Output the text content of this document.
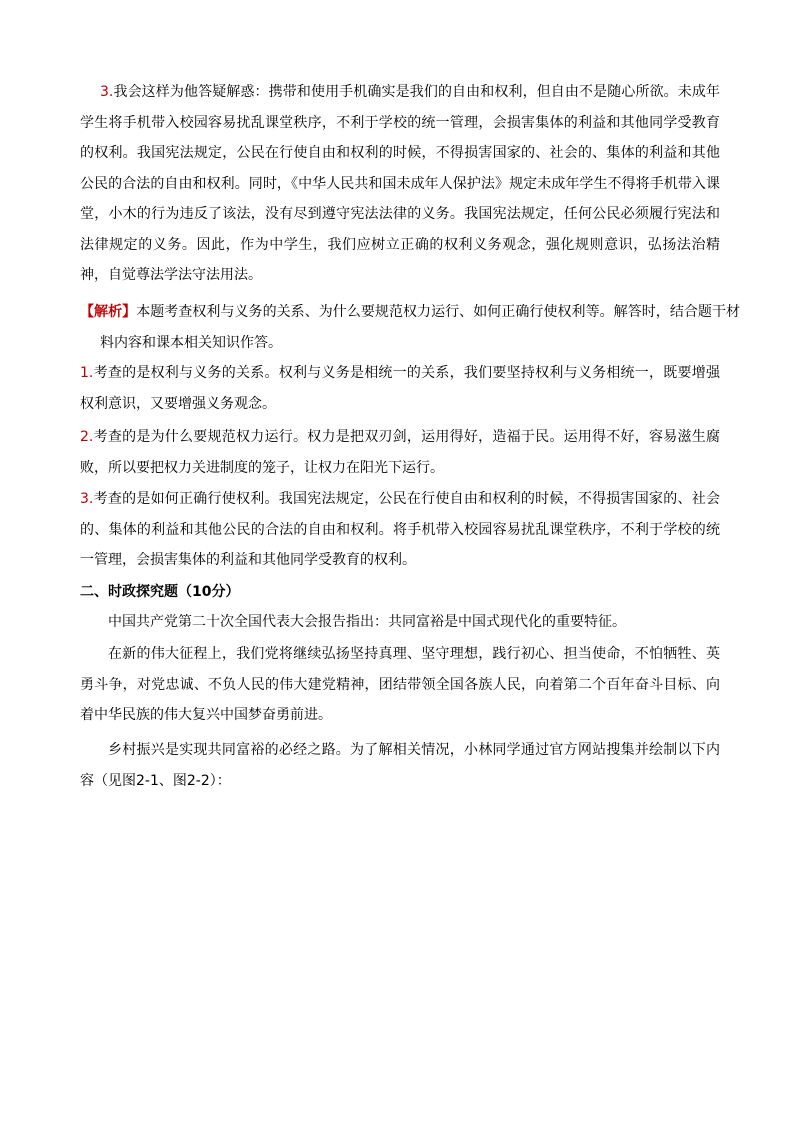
3.我会这样为他答疑解惑：携带和使用手机确实是我们的自由和权利，但自由不是随心所欲。未成年学生将手机带入校园容易扰乱课堂秩序，不利于学校的统一管理，会损害集体的利益和其他同学受教育的权利。我国宪法规定，公民在行使自由和权利的时候，不得损害国家的、社会的、集体的利益和其他公民的合法的自由和权利。同时，《中华人民共和国未成年人保护法》规定未成年学生不得将手机带入课堂，小木的行为违反了该法，没有尽到遵守宪法法律的义务。我国宪法规定，任何公民必须履行宪法和法律规定的义务。因此，作为中学生，我们应树立正确的权利义务观念，强化规则意识，弘扬法治精神，自觉尊法学法守法用法。

【解析】本题考查权利与义务的关系、为什么要规范权力运行、如何正确行使权利等。解答时，结合题干材料内容和课本相关知识作答。

1.考查的是权利与义务的关系。权利与义务是相统一的关系，我们要坚持权利与义务相统一，既要增强权利意识，又要增强义务观念。

2.考查的是为什么要规范权力运行。权力是把双刃剑，运用得好，造福于民。运用得不好，容易滋生腐败，所以要把权力关进制度的笼子，让权力在阳光下运行。

3.考查的是如何正确行使权利。我国宪法规定，公民在行使自由和权利的时候，不得损害国家的、社会的、集体的利益和其他公民的合法的自由和权利。将手机带入校园容易扰乱课堂秩序，不利于学校的统一管理，会损害集体的利益和其他同学受教育的权利。

二、时政探究题（10分）

中国共产党第二十次全国代表大会报告指出：共同富裕是中国式现代化的重要特征。

在新的伟大征程上，我们党将继续弘扬坚持真理、坚守理想，践行初心、担当使命，不怕牺牲、英勇斗争，对党忠诚、不负人民的伟大建党精神，团结带领全国各族人民，向着第二个百年奋斗目标、向着中华民族的伟大复兴中国梦奋勇前进。

乡村振兴是实现共同富裕的必经之路。为了解相关情况，小林同学通过官方网站搜集并绘制以下内容（见图2-1、图2-2）：
